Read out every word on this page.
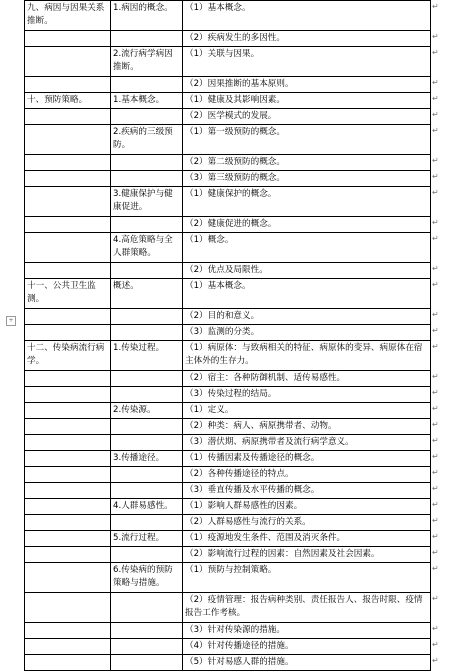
+
九、病因与因果关系推断。	1.病因的概念。	（1）基本概念。
		（2）疾病发生的多因性。
	2.流行病学病因推断。	（1）关联与因果。
		（2）因果推断的基本原则。
十、预防策略。	1.基本概念。	（1）健康及其影响因素。
		（2）医学模式的发展。
	2.疾病的三级预防。	（1）第一级预防的概念。
		（2）第二级预防的概念。
		（3）第三级预防的概念。
	3.健康保护与健康促进。	（1）健康保护的概念。
		（2）健康促进的概念。
	4.高危策略与全人群策略。	（1）概念。
		（2）优点及局限性。
十一、公共卫生监测。	概述。	（1）基本概念。
		（2）目的和意义。
		（3）监测的分类。
十二、传染病流行病学。	1.传染过程。	（1）病原体：与致病相关的特征、病原体的变异、病原体在宿主体外的生存力。
		（2）宿主：各种防御机制、适传易感性。
		（3）传染过程的结局。
	2.传染源。	（1）定义。
		（2）种类：病人、病原携带者、动物。
		（3）潜伏期、病原携带者及流行病学意义。
	3.传播途径。	（1）传播因素及传播途径的概念。
		（2）各种传播途径的特点。
		（3）垂直传播及水平传播的概念。
	4.人群易感性。	（1）影响人群易感性的因素。
		（2）人群易感性与流行的关系。
	5.流行过程。	（1）疫源地发生条件、范围及消灭条件。
		（2）影响流行过程的因素：自然因素及社会因素。
	6.传染病的预防策略与措施。	（1）预防与控制策略。
		（2）疫情管理：报告病种类别、责任报告人、报告时限、疫情报告工作考核。
		（3）针对传染源的措施。
		（4）针对传播途径的措施。
		（5）针对易感人群的措施。
↵
↵
↵
↵
↵
↵
↵
↵
↵
↵
↵
↵
↵
↵
↵
↵
↵
↵
↵
↵
↵
↵
↵
↵
↵
↵
↵
↵
↵
↵
↵
↵
↵
↵
